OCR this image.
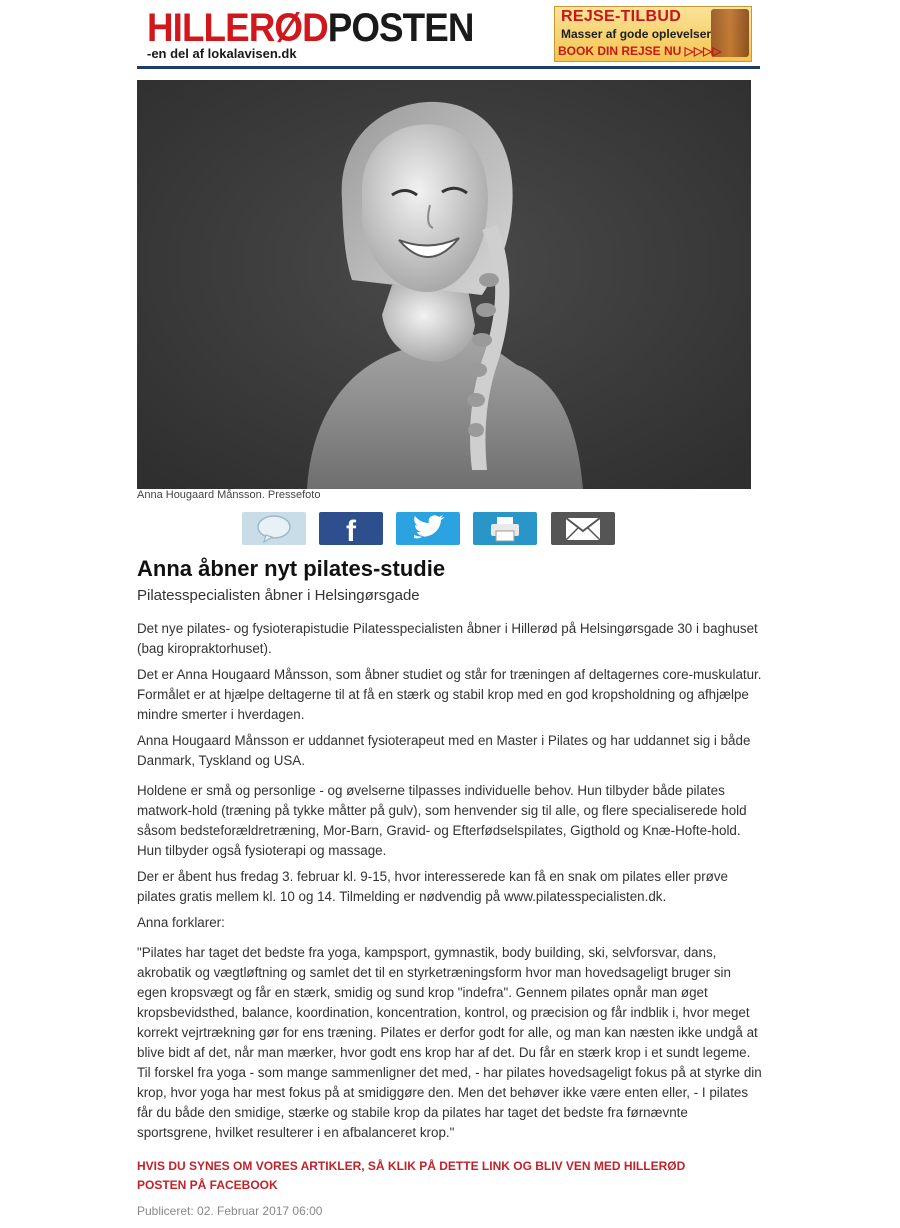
HILLERØDPOSTEN
-en del af lokalavisen.dk
REJSE-TILBUD
Masser af gode oplevelser
BOOK DIN REJSE NU ▷▷▷▷
Anna Hougaard Månsson. Pressefoto
f
Anna åbner nyt pilates-studie
Pilatesspecialisten åbner i Helsingørsgade

Det nye pilates- og fysioterapistudie Pilatesspecialisten åbner i Hillerød på Helsingørsgade 30 i baghuset (bag kiropraktorhuset).

Det er Anna Hougaard Månsson, som åbner studiet og står for træningen af deltagernes core-muskulatur. Formålet er at hjælpe deltagerne til at få en stærk og stabil krop med en god kropsholdning og afhjælpe mindre smerter i hverdagen.

Anna Hougaard Månsson er uddannet fysioterapeut med en Master i Pilates og har uddannet sig i både Danmark, Tyskland og USA.

Holdene er små og personlige - og øvelserne tilpasses individuelle behov. Hun tilbyder både pilates matwork-hold (træning på tykke måtter på gulv), som henvender sig til alle, og flere specialiserede hold såsom bedsteforældretræning, Mor-Barn, Gravid- og Efterfødselspilates, Gigthold og Knæ-Hofte-hold. Hun tilbyder også fysioterapi og massage.

Der er åbent hus fredag 3. februar kl. 9-15, hvor interesserede kan få en snak om pilates eller prøve pilates gratis mellem kl. 10 og 14. Tilmelding er nødvendig på www.pilatesspecialisten.dk.

Anna forklarer:

"Pilates har taget det bedste fra yoga, kampsport, gymnastik, body building, ski, selvforsvar, dans, akrobatik og vægtløftning og samlet det til en styrketræningsform hvor man hovedsageligt bruger sin egen kropsvægt og får en stærk, smidig og sund krop "indefra". Gennem pilates opnår man øget kropsbevidsthed, balance, koordination, koncentration, kontrol, og præcision og får indblik i, hvor meget korrekt vejrtrækning gør for ens træning. Pilates er derfor godt for alle, og man kan næsten ikke undgå at blive bidt af det, når man mærker, hvor godt ens krop har af det. Du får en stærk krop i et sundt legeme. Til forskel fra yoga - som mange sammenligner det med, - har pilates hovedsageligt fokus på at styrke din krop, hvor yoga har mest fokus på at smidiggøre den. Men det behøver ikke være enten eller, - I pilates får du både den smidige, stærke og stabile krop da pilates har taget det bedste fra førnævnte sportsgrene, hvilket resulterer i en afbalanceret krop."

HVIS DU SYNES OM VORES ARTIKLER, SÅ KLIK PÅ DETTE LINK OG BLIV VEN MED HILLERØD POSTEN PÅ FACEBOOK
Publiceret: 02. Februar 2017 06:00
